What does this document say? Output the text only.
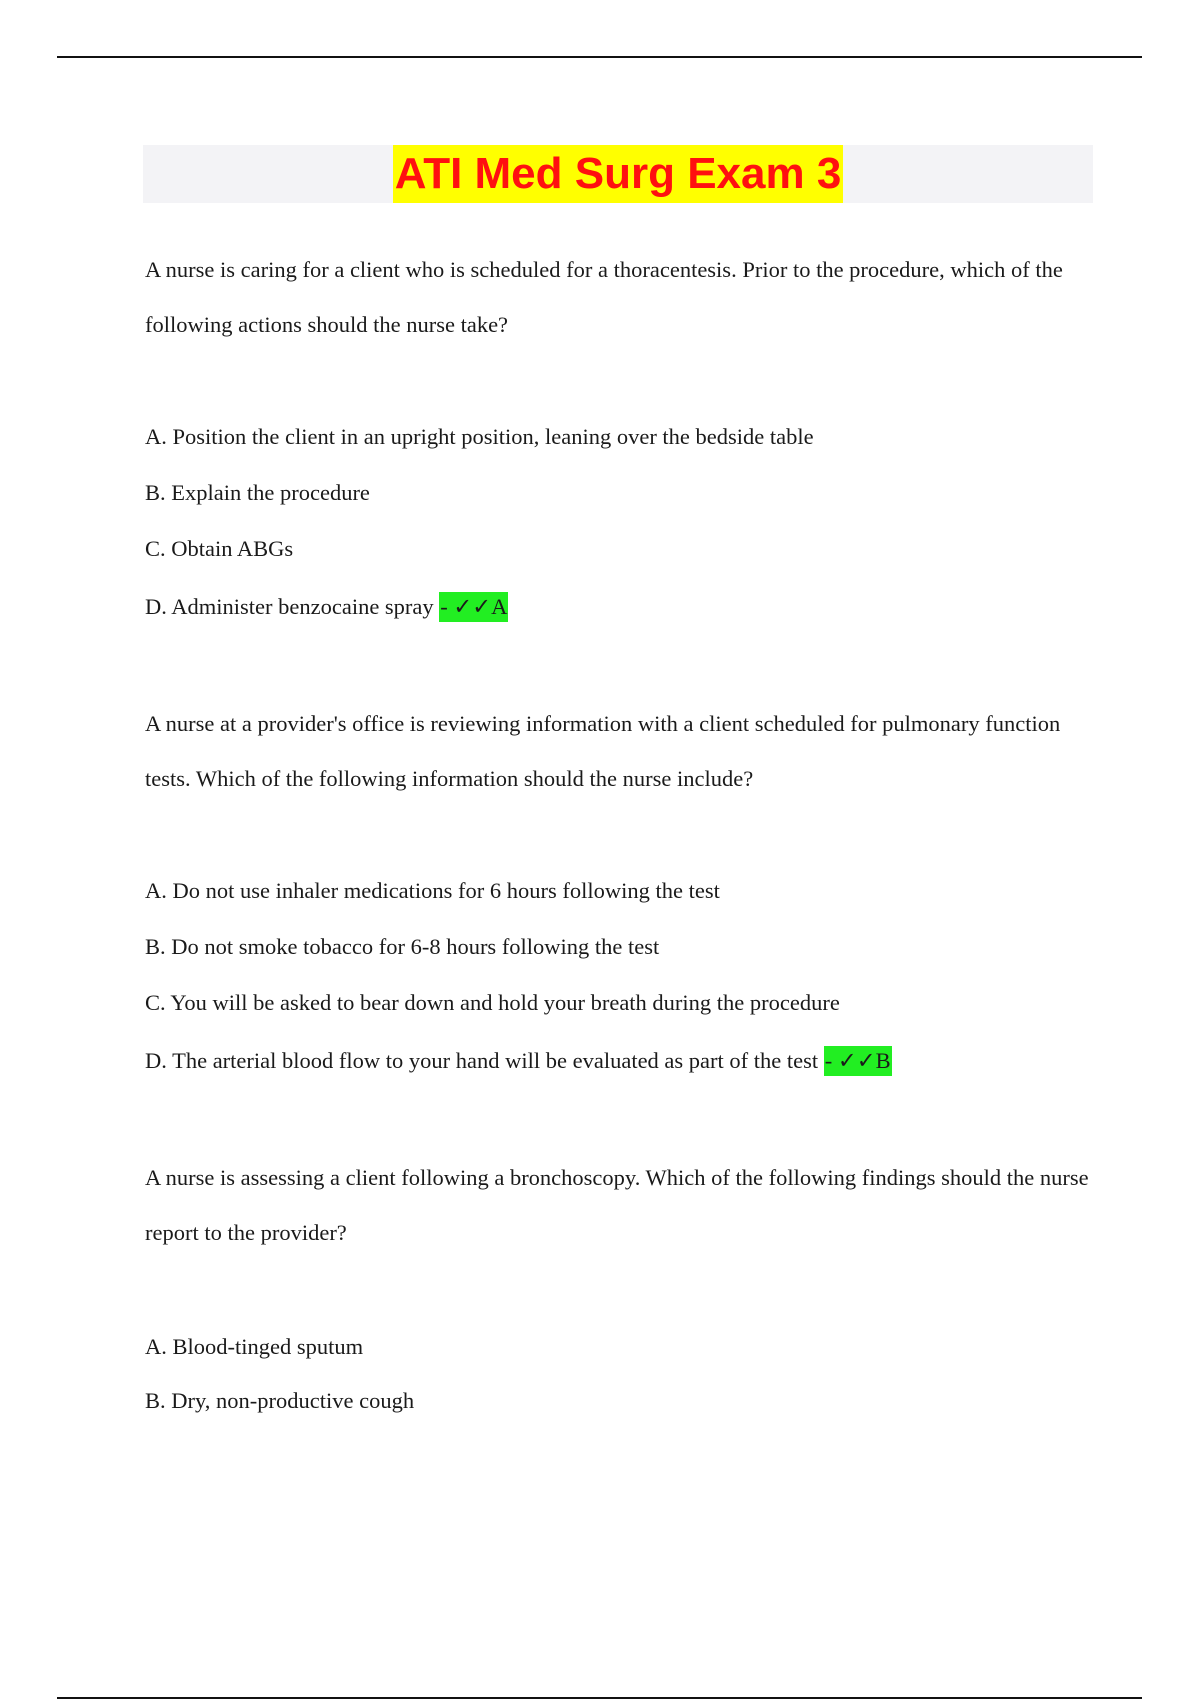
ATI Med Surg Exam 3

A nurse is caring for a client who is scheduled for a thoracentesis. Prior to the procedure, which of the following actions should the nurse take?

A. Position the client in an upright position, leaning over the bedside table

B. Explain the procedure

C. Obtain ABGs

D. Administer benzocaine spray - ✓✓A

A nurse at a provider's office is reviewing information with a client scheduled for pulmonary function tests. Which of the following information should the nurse include?

A. Do not use inhaler medications for 6 hours following the test

B. Do not smoke tobacco for 6-8 hours following the test

C. You will be asked to bear down and hold your breath during the procedure

D. The arterial blood flow to your hand will be evaluated as part of the test - ✓✓B

A nurse is assessing a client following a bronchoscopy. Which of the following findings should the nurse report to the provider?

A. Blood-tinged sputum

B. Dry, non-productive cough
